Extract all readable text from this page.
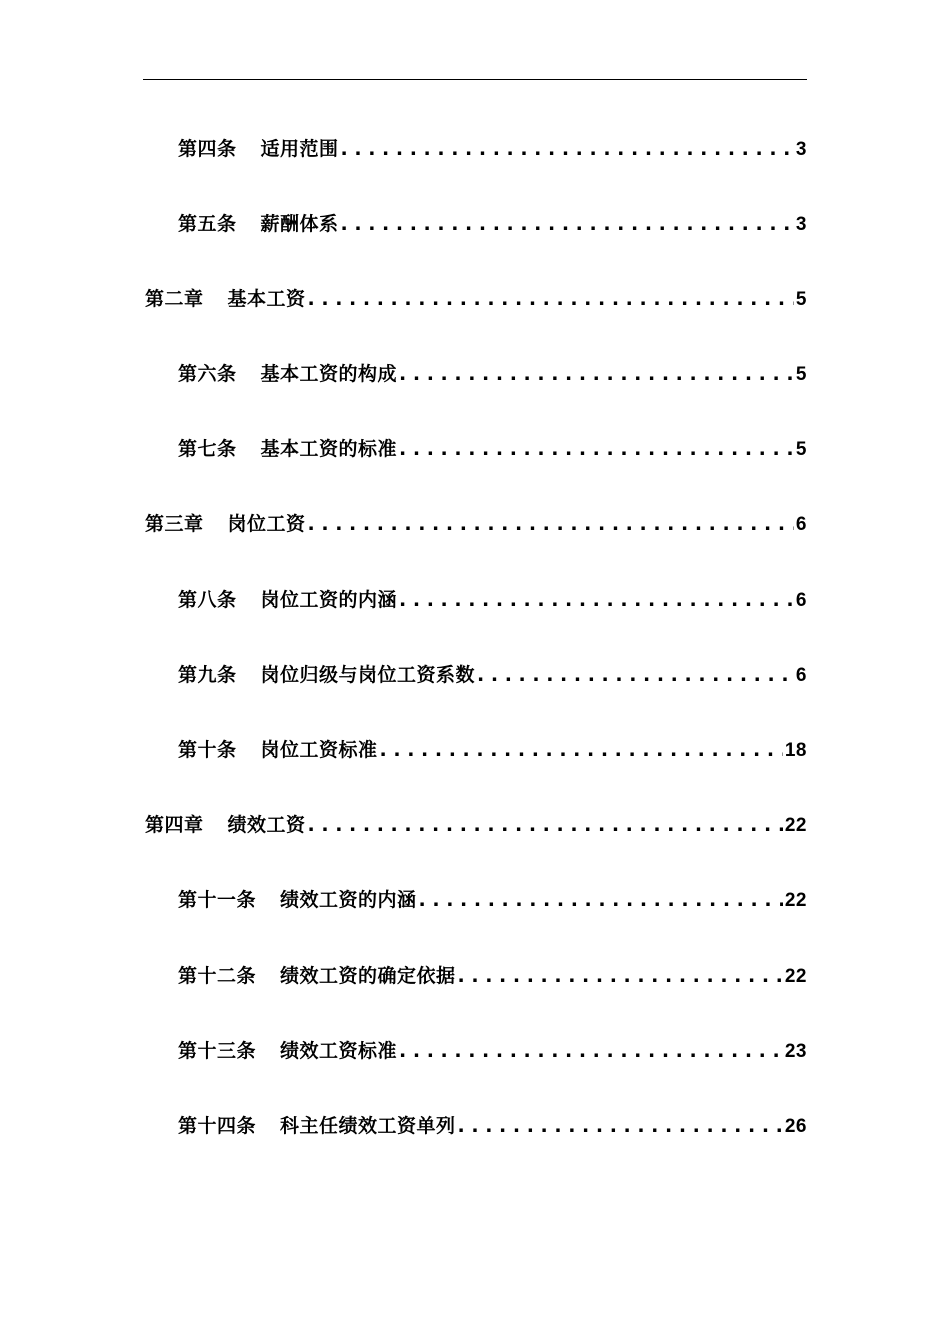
第四条 适用范围 . . .	3
第五条 薪酬体系 . . .	3
第二章 基本工资 . . .	5
第六条 基本工资的构成 . . .	5
第七条 基本工资的标准 . . .	5
第三章 岗位工资 . . .	6
第八条 岗位工资的内涵 . . .	6
第九条 岗位归级与岗位工资系数 . . .	6
第十条 岗位工资标准 . . .	18
第四章 绩效工资 . . .	22
第十一条 绩效工资的内涵 . . .	22
第十二条 绩效工资的确定依据 . . .	22
第十三条 绩效工资标准 . . .	23
第十四条 科主任绩效工资单列 . . .	26
